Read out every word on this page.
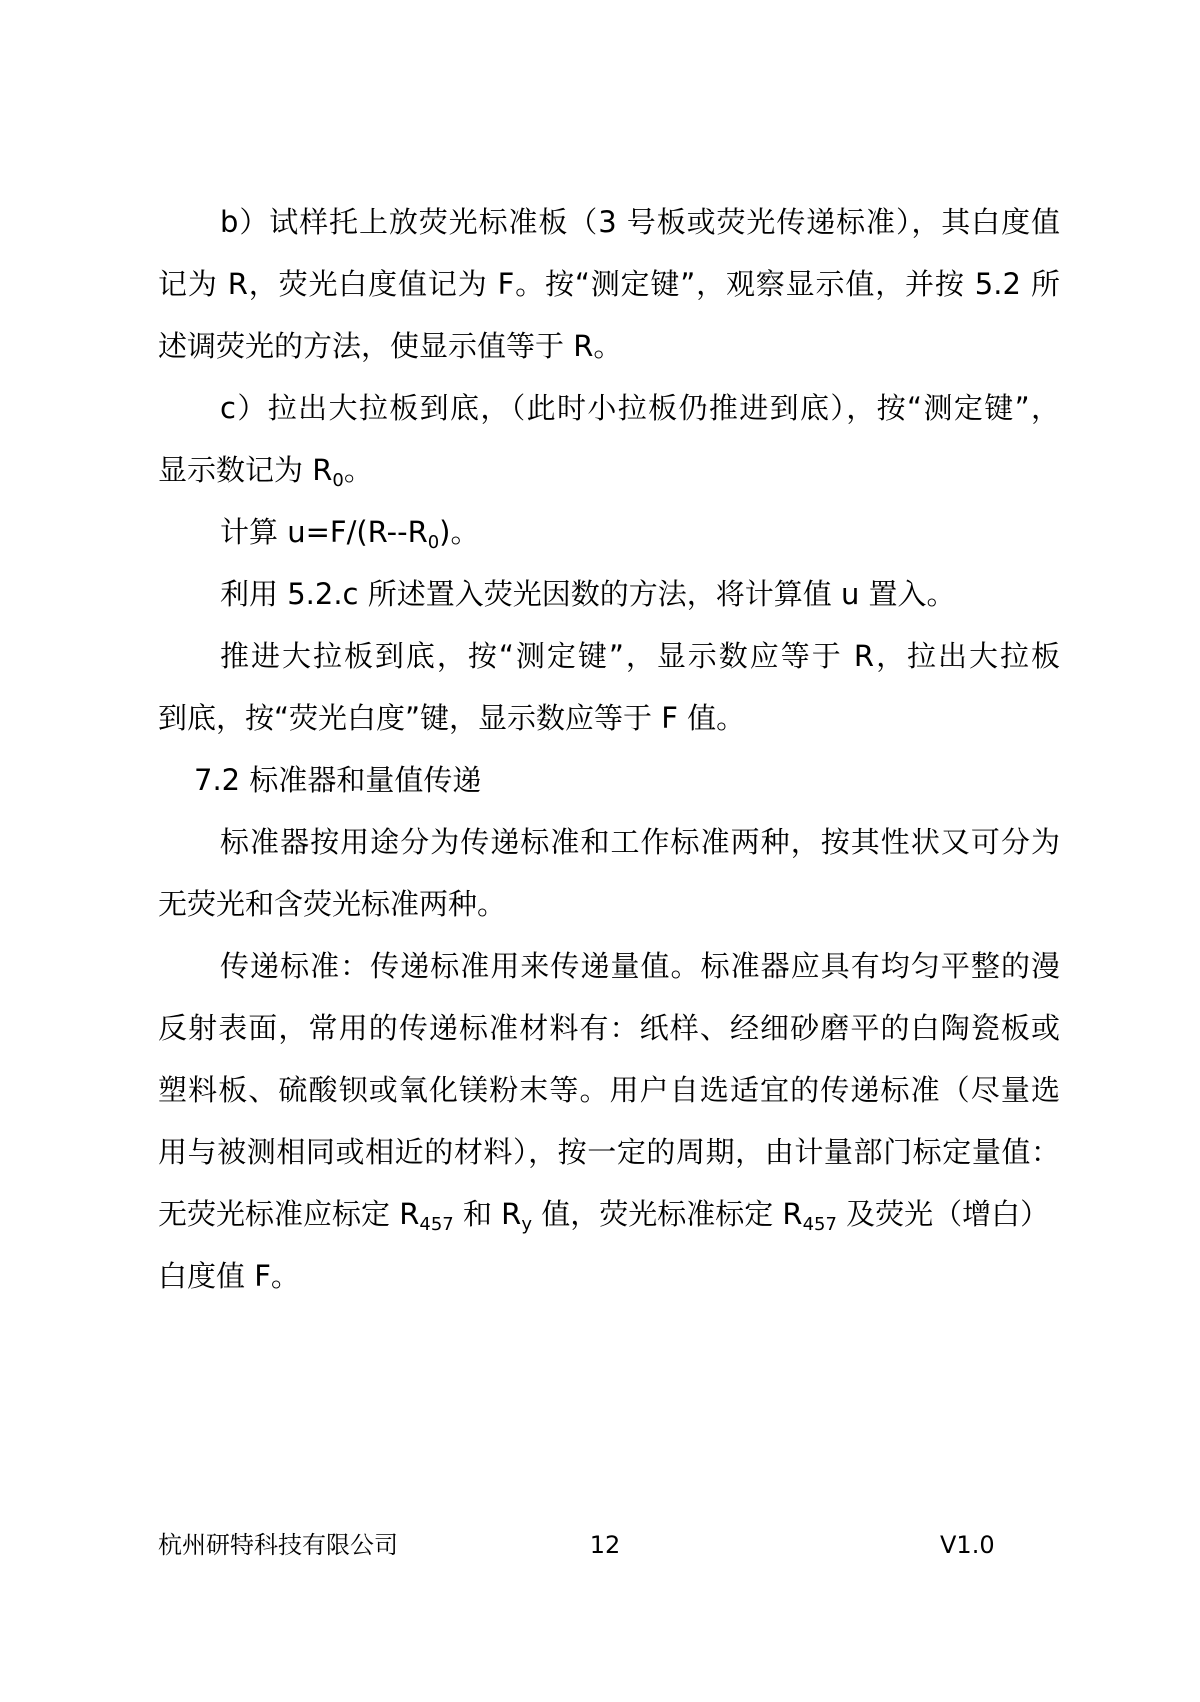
b）试样托上放荧光标准板（3 号板或荧光传递标准），其白度值
记为 R，荧光白度值记为 F。按“测定键”，观察显示值，并按 5.2 所
述调荧光的方法，使显示值等于 R。
c）拉出大拉板到底，（此时小拉板仍推进到底），按“测定键”，
显示数记为 $R_0$。
计算 $u=F/(R--R_0)$。
利用 5.2.c 所述置入荧光因数的方法，将计算值 u 置入。
推进大拉板到底，按“测定键”，显示数应等于 R，拉出大拉板
到底，按“荧光白度”键，显示数应等于 F 值。
7.2 标准器和量值传递
标准器按用途分为传递标准和工作标准两种，按其性状又可分为
无荧光和含荧光标准两种。
传递标准：传递标准用来传递量值。标准器应具有均匀平整的漫
反射表面，常用的传递标准材料有：纸样、经细砂磨平的白陶瓷板或
塑料板、硫酸钡或氧化镁粉末等。用户自选适宜的传递标准（尽量选
用与被测相同或相近的材料），按一定的周期，由计量部门标定量值：
无荧光标准应标定 $R_{457}$ 和 $R_y$ 值，荧光标准标定 $R_{457}$ 及荧光（增白）
白度值 F。
杭州研特科技有限公司	12	V1.0
